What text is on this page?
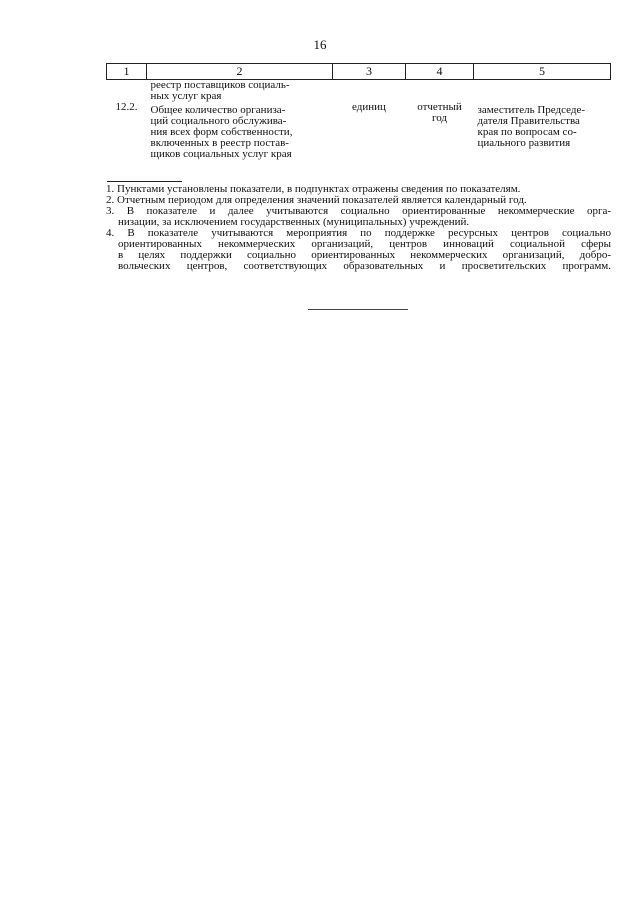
16
1	2	3	4	5
	реестр поставщиков социаль-
ных услуг края			
12.2.	Общее количество организа-
ций социального обслужива-
ния всех форм собственности,
включенных в реестр постав-
щиков социальных услуг края	единиц	отчетный
год	заместитель Председе-
дателя Правительства
края по вопросам со-
циального развития
1. Пунктами установлены показатели, в подпунктах отражены сведения по показателям.
2. Отчетным периодом для определения значений показателей является календарный год.
3. В показателе и далее учитываются социально ориентированные некоммерческие орга-
низации, за исключением государственных (муниципальных) учреждений.
4. В показателе учитываются мероприятия по поддержке ресурсных центров социально
ориентированных некоммерческих организаций, центров инноваций социальной сферы
в целях поддержки социально ориентированных некоммерческих организаций, добро-
вольческих центров, соответствующих образовательных и просветительских программ.
